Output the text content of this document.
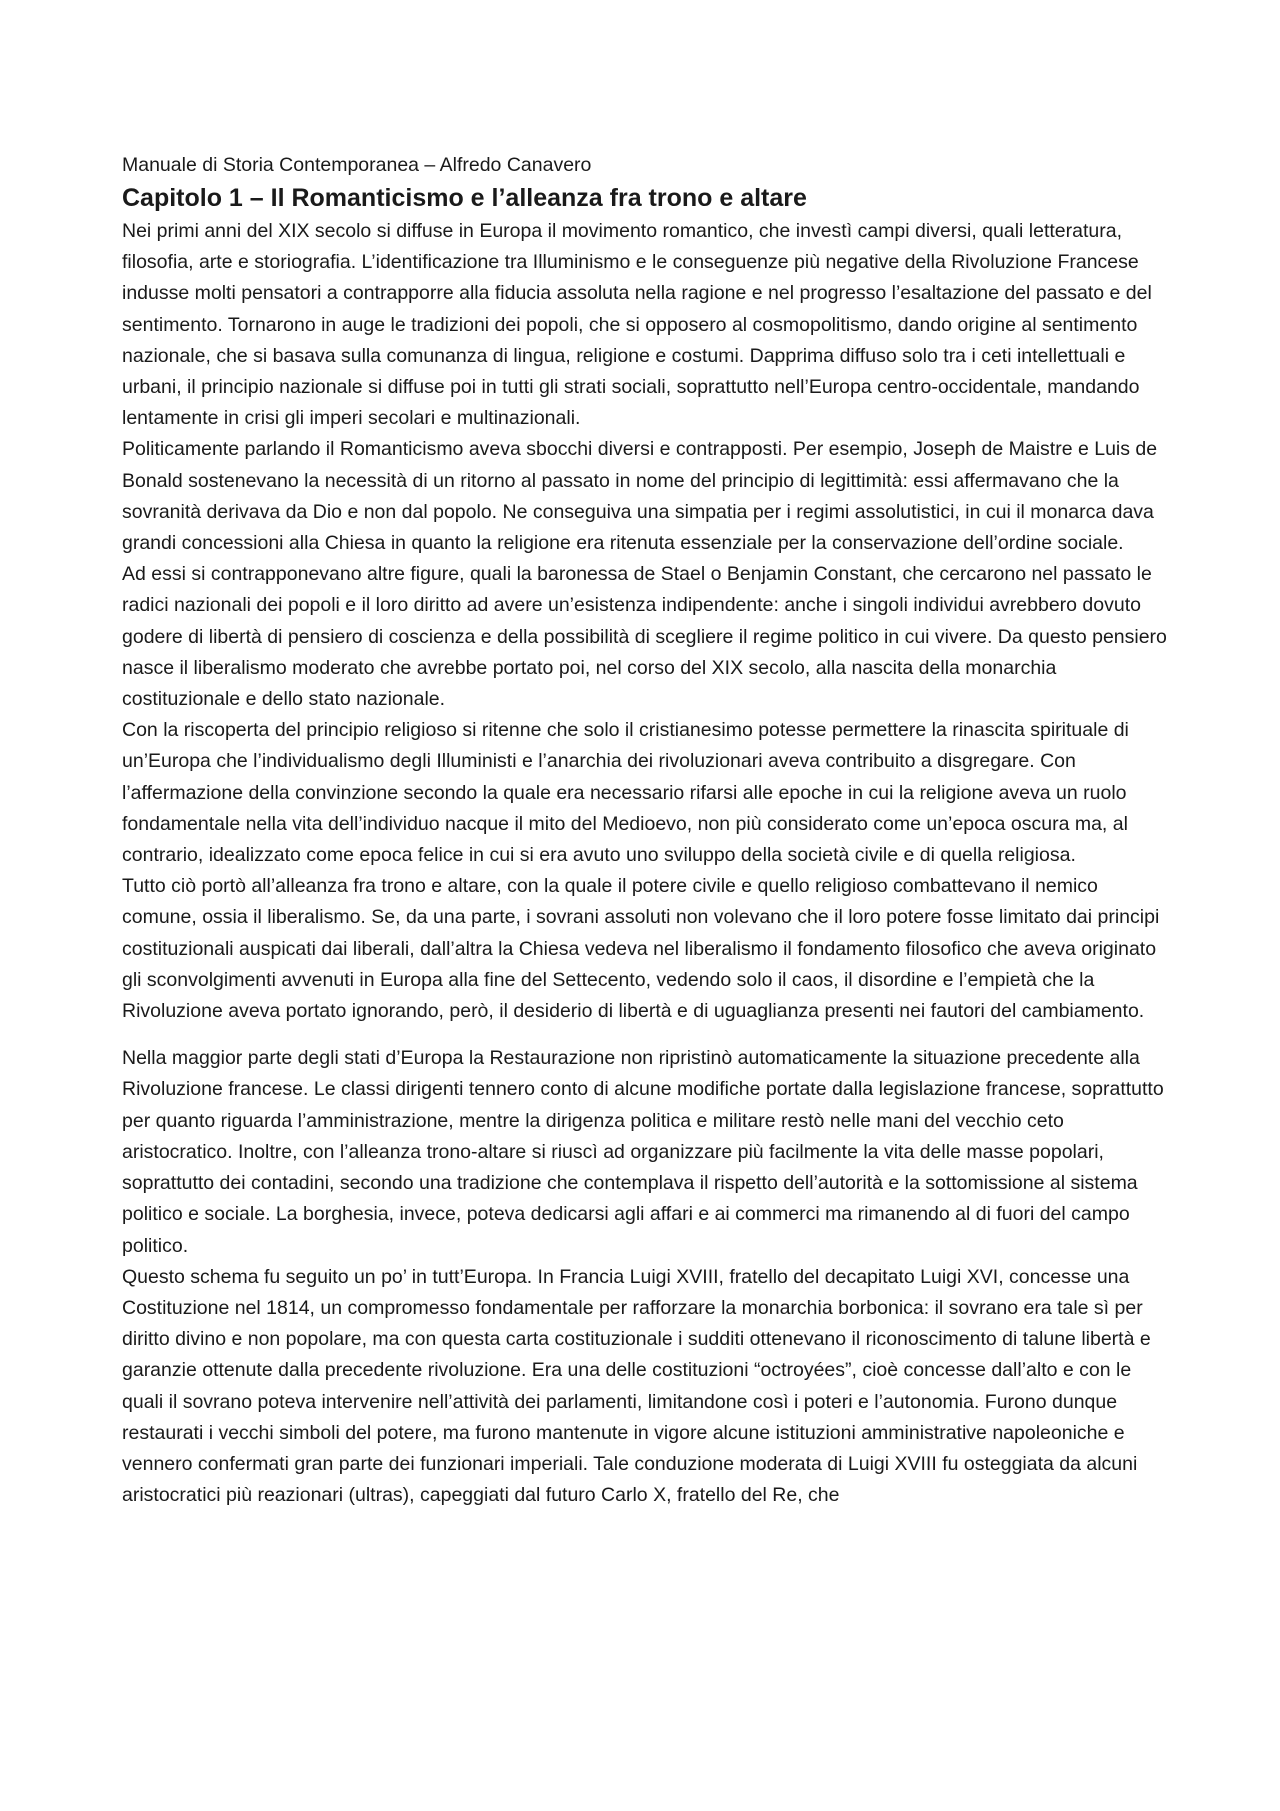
Manuale di Storia Contemporanea – Alfredo Canavero

Capitolo 1 – Il Romanticismo e l’alleanza fra trono e altare

Nei primi anni del XIX secolo si diffuse in Europa il movimento romantico, che investì campi diversi, quali letteratura, filosofia, arte e storiografia. L’identificazione tra Illuminismo e le conseguenze più negative della Rivoluzione Francese indusse molti pensatori a contrapporre alla fiducia assoluta nella ragione e nel progresso l’esaltazione del passato e del sentimento. Tornarono in auge le tradizioni dei popoli, che si opposero al cosmopolitismo, dando origine al sentimento nazionale, che si basava sulla comunanza di lingua, religione e costumi. Dapprima diffuso solo tra i ceti intellettuali e urbani, il principio nazionale si diffuse poi in tutti gli strati sociali, soprattutto nell’Europa centro-occidentale, mandando lentamente in crisi gli imperi secolari e multinazionali.

Politicamente parlando il Romanticismo aveva sbocchi diversi e contrapposti. Per esempio, Joseph de Maistre e Luis de Bonald sostenevano la necessità di un ritorno al passato in nome del principio di legittimità: essi affermavano che la sovranità derivava da Dio e non dal popolo. Ne conseguiva una simpatia per i regimi assolutistici, in cui il monarca dava grandi concessioni alla Chiesa in quanto la religione era ritenuta essenziale per la conservazione dell’ordine sociale.

Ad essi si contrapponevano altre figure, quali la baronessa de Stael o Benjamin Constant, che cercarono nel passato le radici nazionali dei popoli e il loro diritto ad avere un’esistenza indipendente: anche i singoli individui avrebbero dovuto godere di libertà di pensiero di coscienza e della possibilità di scegliere il regime politico in cui vivere. Da questo pensiero nasce il liberalismo moderato che avrebbe portato poi, nel corso del XIX secolo, alla nascita della monarchia costituzionale e dello stato nazionale.

Con la riscoperta del principio religioso si ritenne che solo il cristianesimo potesse permettere la rinascita spirituale di un’Europa che l’individualismo degli Illuministi e l’anarchia dei rivoluzionari aveva contribuito a disgregare. Con l’affermazione della convinzione secondo la quale era necessario rifarsi alle epoche in cui la religione aveva un ruolo fondamentale nella vita dell’individuo nacque il mito del Medioevo, non più considerato come un’epoca oscura ma, al contrario, idealizzato come epoca felice in cui si era avuto uno sviluppo della società civile e di quella religiosa.

Tutto ciò portò all’alleanza fra trono e altare, con la quale il potere civile e quello religioso combattevano il nemico comune, ossia il liberalismo. Se, da una parte, i sovrani assoluti non volevano che il loro potere fosse limitato dai principi costituzionali auspicati dai liberali, dall’altra la Chiesa vedeva nel liberalismo il fondamento filosofico che aveva originato gli sconvolgimenti avvenuti in Europa alla fine del Settecento, vedendo solo il caos, il disordine e l’empietà che la Rivoluzione aveva portato ignorando, però, il desiderio di libertà e di uguaglianza presenti nei fautori del cambiamento.

Nella maggior parte degli stati d’Europa la Restaurazione non ripristinò automaticamente la situazione precedente alla Rivoluzione francese. Le classi dirigenti tennero conto di alcune modifiche portate dalla legislazione francese, soprattutto per quanto riguarda l’amministrazione, mentre la dirigenza politica e militare restò nelle mani del vecchio ceto aristocratico. Inoltre, con l’alleanza trono-altare si riuscì ad organizzare più facilmente la vita delle masse popolari, soprattutto dei contadini, secondo una tradizione che contemplava il rispetto dell’autorità e la sottomissione al sistema politico e sociale. La borghesia, invece, poteva dedicarsi agli affari e ai commerci ma rimanendo al di fuori del campo politico.

Questo schema fu seguito un po’ in tutt’Europa. In Francia Luigi XVIII, fratello del decapitato Luigi XVI, concesse una Costituzione nel 1814, un compromesso fondamentale per rafforzare la monarchia borbonica: il sovrano era tale sì per diritto divino e non popolare, ma con questa carta costituzionale i sudditi ottenevano il riconoscimento di talune libertà e garanzie ottenute dalla precedente rivoluzione. Era una delle costituzioni “octroyées”, cioè concesse dall’alto e con le quali il sovrano poteva intervenire nell’attività dei parlamenti, limitandone così i poteri e l’autonomia. Furono dunque restaurati i vecchi simboli del potere, ma furono mantenute in vigore alcune istituzioni amministrative napoleoniche e vennero confermati gran parte dei funzionari imperiali. Tale conduzione moderata di Luigi XVIII fu osteggiata da alcuni aristocratici più reazionari (ultras), capeggiati dal futuro Carlo X, fratello del Re, che
